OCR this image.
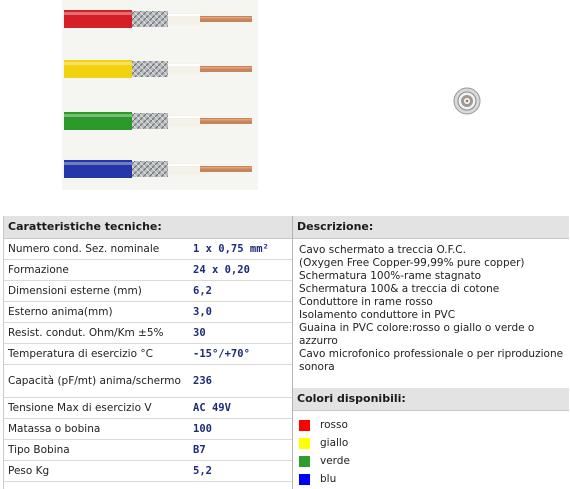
Caratteristiche tecniche:
Numero cond. Sez. nominale	1 x 0,75 mm²
Formazione	24 x 0,20
Dimensioni esterne (mm)	6,2
Esterno anima(mm)	3,0
Resist. condut. Ohm/Km ±5%	30
Temperatura di esercizio °C	-15°/+70°
Capacità (pF/mt) anima/schermo	236
Tensione Max di esercizio V	AC 49V
Matassa o bobina	100
Tipo Bobina	B7
Peso Kg	5,2
Descrizione:
Cavo schermato a treccia O.F.C.
(Oxygen Free Copper-99,99% pure copper)
Schermatura 100%-rame stagnato
Schermatura 100& a treccia di cotone
Conduttore in rame rosso
Isolamento conduttore in PVC
Guaina in PVC colore:rosso o giallo o verde o azzurro
Cavo microfonico professionale o per riproduzione sonora
Colori disponibili:
rosso
giallo
verde
blu
